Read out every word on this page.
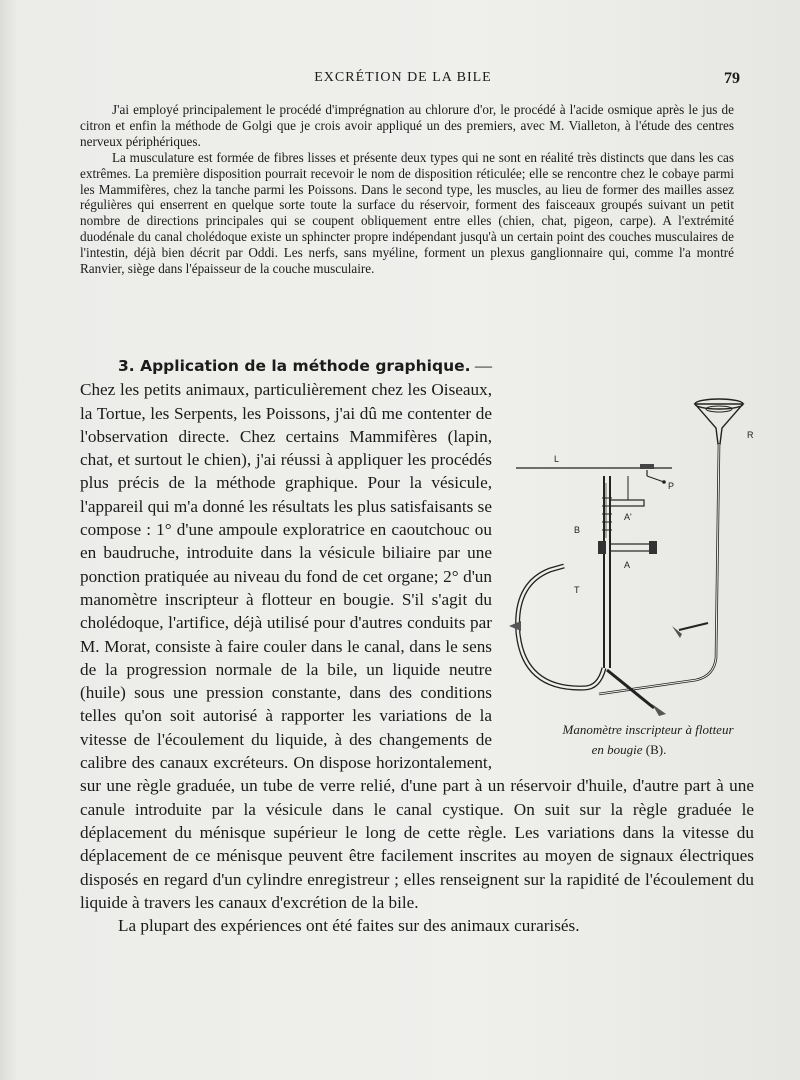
EXCRÉTION DE LA BILE	79

J'ai employé principalement le procédé d'imprégnation au chlorure d'or, le procédé à l'acide osmique après le jus de citron et enfin la méthode de Golgi que je crois avoir appliqué un des premiers, avec M. Vialleton, à l'étude des centres nerveux périphériques.

La musculature est formée de fibres lisses et présente deux types qui ne sont en réalité très distincts que dans les cas extrêmes. La première disposition pourrait recevoir le nom de disposition réticulée; elle se rencontre chez le cobaye parmi les Mammifères, chez la tanche parmi les Poissons. Dans le second type, les muscles, au lieu de former des mailles assez régulières qui enserrent en quelque sorte toute la surface du réservoir, forment des faisceaux groupés suivant un petit nombre de directions principales qui se coupent obliquement entre elles (chien, chat, pigeon, carpe). A l'extrémité duodénale du canal cholédoque existe un sphincter propre indépendant jusqu'à un certain point des couches musculaires de l'intestin, déjà bien décrit par Oddi. Les nerfs, sans myéline, forment un plexus ganglionnaire qui, comme l'a montré Ranvier, siège dans l'épaisseur de la couche musculaire.

R
L
P
B
A'
A
T
Manomètre inscripteur à flotteur
en bougie (B).
3. Application de la méthode graphique. — Chez les petits animaux, particulièrement chez les Oiseaux, la Tortue, les Serpents, les Poissons, j'ai dû me contenter de l'observation directe. Chez certains Mammifères (lapin, chat, et surtout le chien), j'ai réussi à appliquer les procédés plus précis de la méthode graphique. Pour la vésicule, l'appareil qui m'a donné les résultats les plus satisfaisants se compose : 1° d'une ampoule exploratrice en caoutchouc ou en baudruche, introduite dans la vésicule biliaire par une ponction pratiquée au niveau du fond de cet organe; 2° d'un manomètre inscripteur à flotteur en bougie. S'il s'agit du cholédoque, l'artifice, déjà utilisé pour d'autres conduits par M. Morat, consiste à faire couler dans le canal, dans le sens de la progression normale de la bile, un liquide neutre (huile) sous une pression constante, dans des conditions telles qu'on soit autorisé à rapporter les variations de la vitesse de l'écoulement du liquide, à des changements de calibre des canaux excréteurs. On dispose horizontalement, sur une règle graduée, un tube de verre relié, d'une part à un réservoir d'huile, d'autre part à une canule introduite par la vésicule dans le canal cystique. On suit sur la règle graduée le déplacement du ménisque supérieur le long de cette règle. Les variations dans la vitesse du déplacement de ce ménisque peuvent être facilement inscrites au moyen de signaux électriques disposés en regard d'un cylindre enregistreur ; elles renseignent sur la rapidité de l'écoulement du liquide à travers les canaux d'excrétion de la bile.

La plupart des expériences ont été faites sur des animaux curarisés.
